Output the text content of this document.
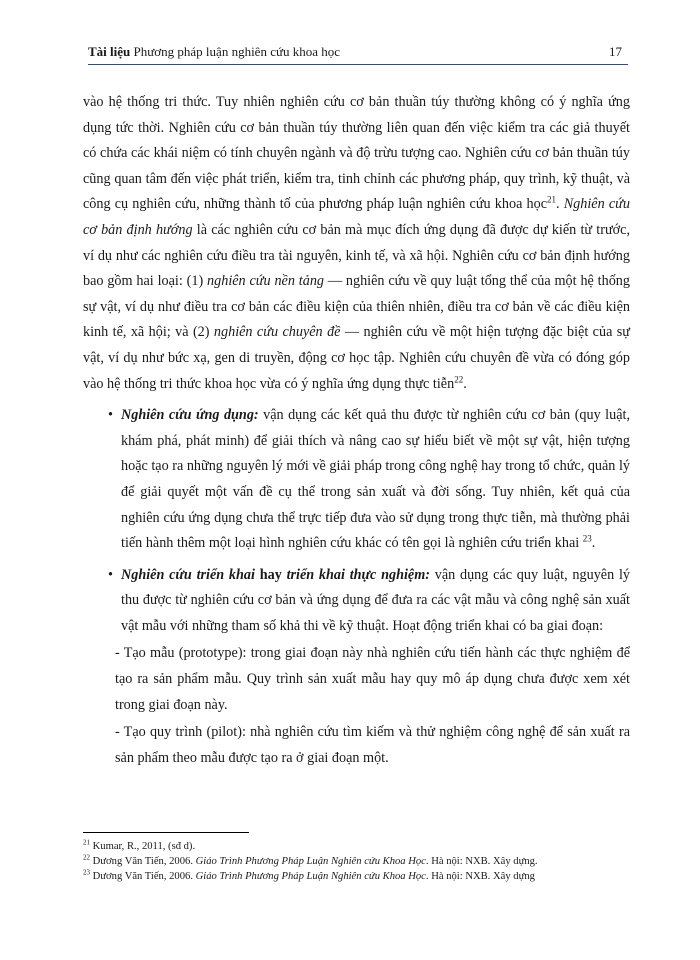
Tài liệu Phương pháp luận nghiên cứu khoa học	17

vào hệ thống tri thức. Tuy nhiên nghiên cứu cơ bản thuần túy thường không có ý nghĩa ứng dụng tức thời. Nghiên cứu cơ bản thuần túy thường liên quan đến việc kiểm tra các giả thuyết có chứa các khái niệm có tính chuyên ngành và độ trừu tượng cao. Nghiên cứu cơ bản thuần túy cũng quan tâm đến việc phát triển, kiểm tra, tinh chỉnh các phương pháp, quy trình, kỹ thuật, và công cụ nghiên cứu, những thành tố của phương pháp luận nghiên cứu khoa học$^{21}$. Nghiên cứu cơ bản định hướng là các nghiên cứu cơ bản mà mục đích ứng dụng đã được dự kiến từ trước, ví dụ như các nghiên cứu điều tra tài nguyên, kinh tế, và xã hội. Nghiên cứu cơ bản định hướng bao gồm hai loại: (1) nghiên cứu nền tảng — nghiên cứu về quy luật tổng thể của một hệ thống sự vật, ví dụ như điều tra cơ bản các điều kiện của thiên nhiên, điều tra cơ bản về các điều kiện kinh tế, xã hội; và (2) nghiên cứu chuyên đề — nghiên cứu về một hiện tượng đặc biệt của sự vật, ví dụ như bức xạ, gen di truyền, động cơ học tập. Nghiên cứu chuyên đề vừa có đóng góp vào hệ thống tri thức khoa học vừa có ý nghĩa ứng dụng thực tiễn$^{22}$.

• Nghiên cứu ứng dụng: vận dụng các kết quả thu được từ nghiên cứu cơ bản (quy luật, khám phá, phát minh) để giải thích và nâng cao sự hiểu biết về một sự vật, hiện tượng hoặc tạo ra những nguyên lý mới về giải pháp trong công nghệ hay trong tổ chức, quản lý để giải quyết một vấn đề cụ thể trong sản xuất và đời sống. Tuy nhiên, kết quả của nghiên cứu ứng dụng chưa thể trực tiếp đưa vào sử dụng trong thực tiễn, mà thường phải tiến hành thêm một loại hình nghiên cứu khác có tên gọi là nghiên cứu triển khai $^{23}$.

• Nghiên cứu triển khai hay triển khai thực nghiệm: vận dụng các quy luật, nguyên lý thu được từ nghiên cứu cơ bản và ứng dụng để đưa ra các vật mẫu và công nghệ sản xuất vật mẫu với những tham số khả thi về kỹ thuật. Hoạt động triển khai có ba giai đoạn:

- Tạo mẫu (prototype): trong giai đoạn này nhà nghiên cứu tiến hành các thực nghiệm để tạo ra sản phẩm mẫu. Quy trình sản xuất mẫu hay quy mô áp dụng chưa được xem xét trong giai đoạn này.

- Tạo quy trình (pilot): nhà nghiên cứu tìm kiếm và thử nghiệm công nghệ để sản xuất ra sản phẩm theo mẫu được tạo ra ở giai đoạn một.

$^{21}$ Kumar, R., 2011, (sđ d).

$^{22}$ Dương Văn Tiến, 2006. Giáo Trình Phương Pháp Luận Nghiên cứu Khoa Học. Hà nội: NXB. Xây dựng.

$^{23}$ Dương Văn Tiến, 2006. Giáo Trình Phương Pháp Luận Nghiên cứu Khoa Học. Hà nội: NXB. Xây dựng
